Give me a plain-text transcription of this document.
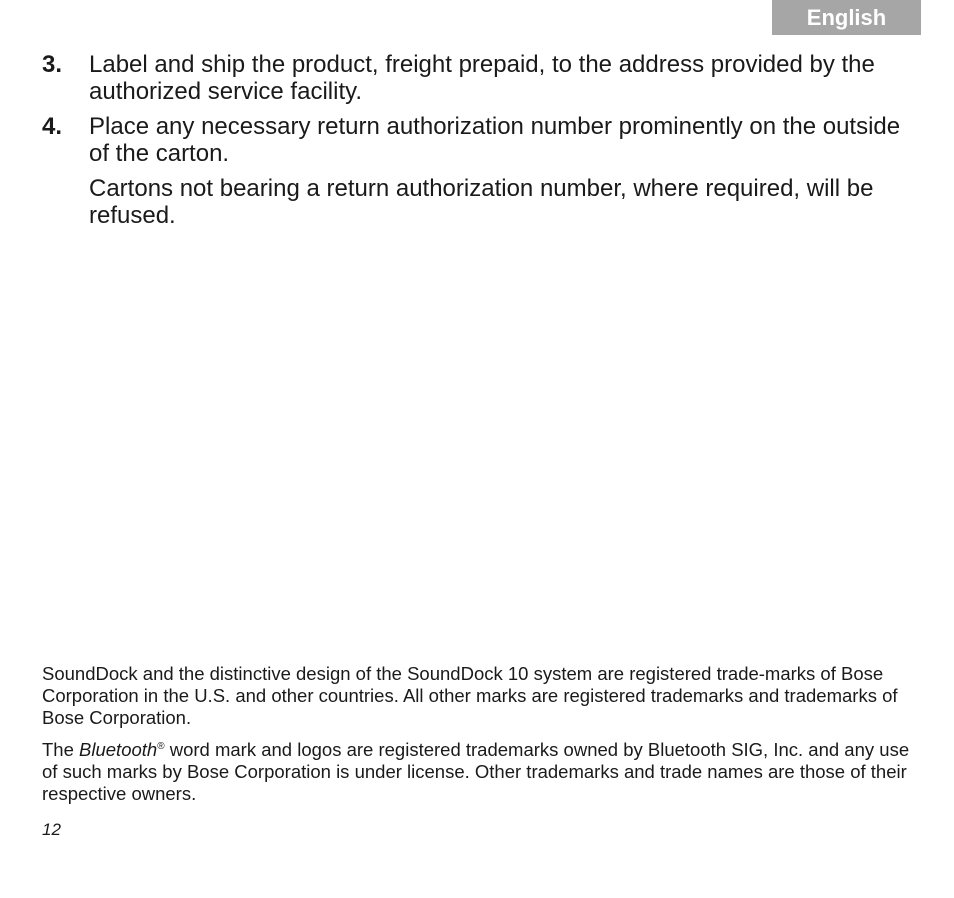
English
3. Label and ship the product, freight prepaid, to the address provided by the authorized service facility.

4. Place any necessary return authorization number prominently on the outside of the carton.

Cartons not bearing a return authorization number, where required, will be refused.

SoundDock and the distinctive design of the SoundDock 10 system are registered trade-marks of Bose Corporation in the U.S. and other countries. All other marks are registered trademarks and trademarks of Bose Corporation.

The Bluetooth® word mark and logos are registered trademarks owned by Bluetooth SIG, Inc. and any use of such marks by Bose Corporation is under license. Other trademarks and trade names are those of their respective owners.

12
